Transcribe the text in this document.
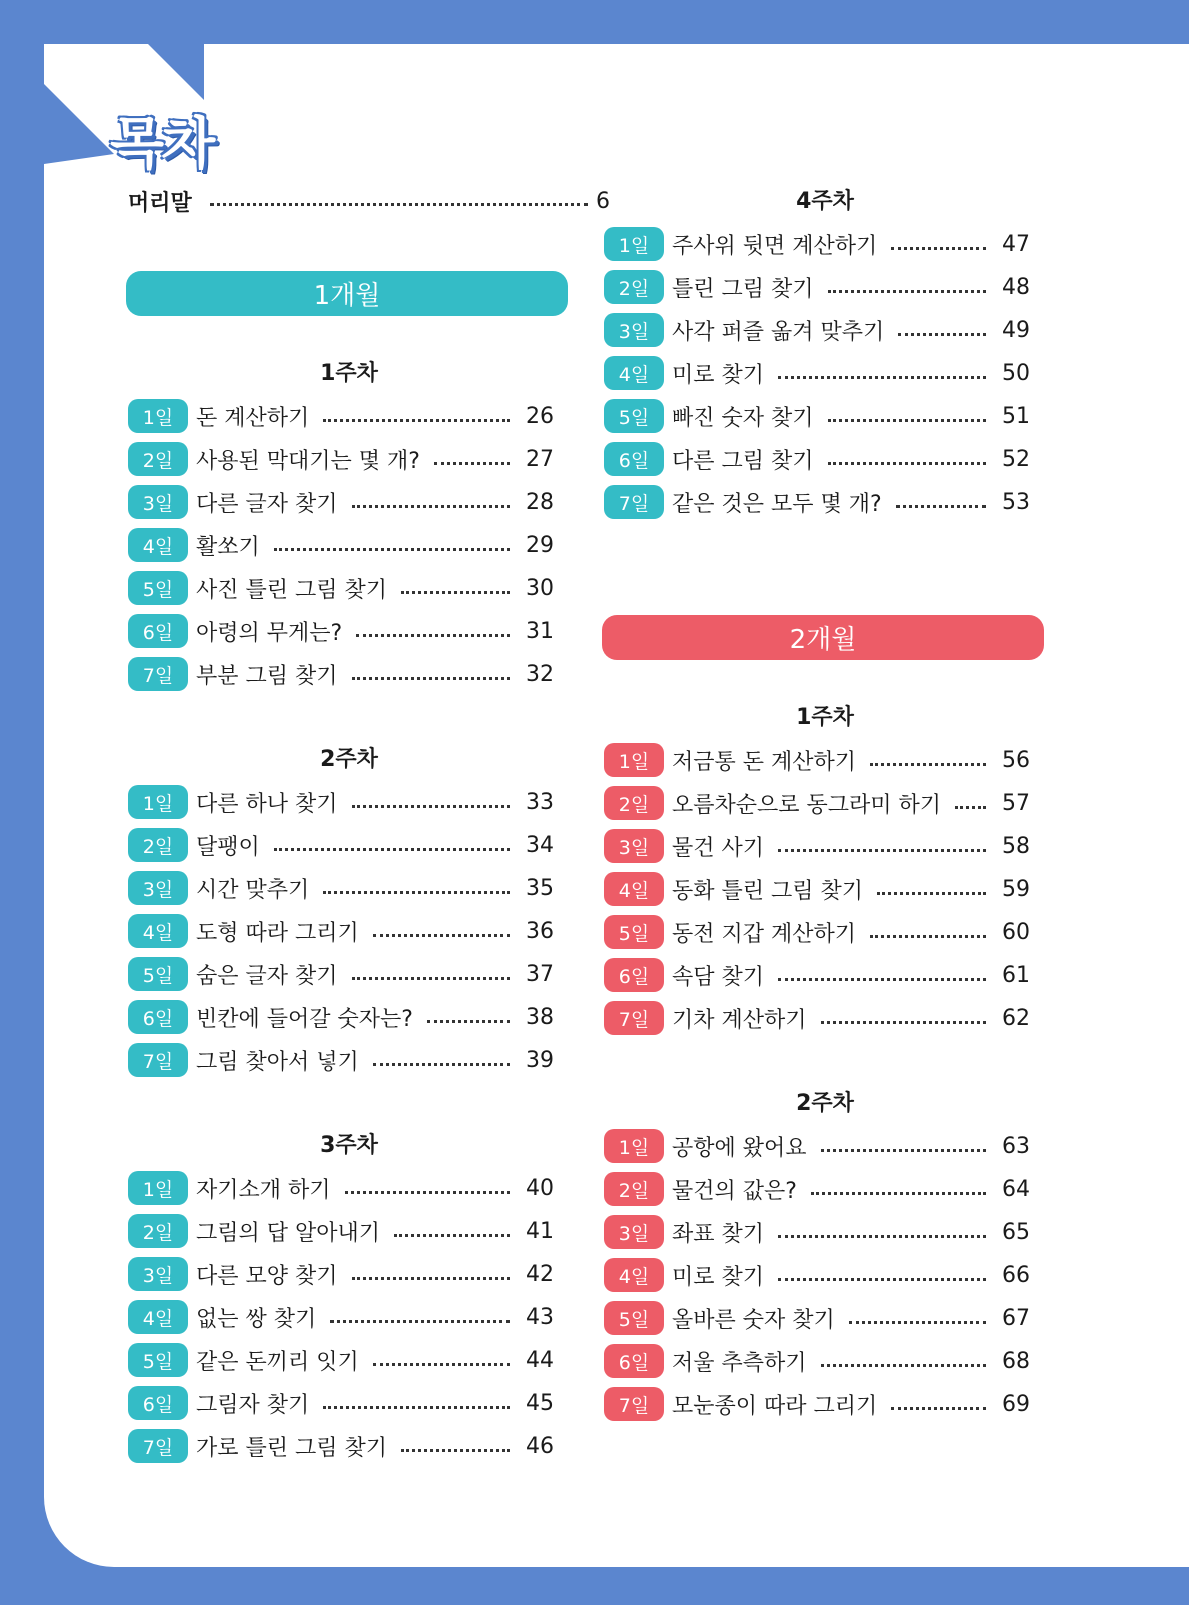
목차
머리말	6
1개월
2개월
1주차
1일	돈 계산하기	26
2일	사용된 막대기는 몇 개?	27
3일	다른 글자 찾기	28
4일	활쏘기	29
5일	사진 틀린 그림 찾기	30
6일	아령의 무게는?	31
7일	부분 그림 찾기	32
2주차
1일	다른 하나 찾기	33
2일	달팽이	34
3일	시간 맞추기	35
4일	도형 따라 그리기	36
5일	숨은 글자 찾기	37
6일	빈칸에 들어갈 숫자는?	38
7일	그림 찾아서 넣기	39
3주차
1일	자기소개 하기	40
2일	그림의 답 알아내기	41
3일	다른 모양 찾기	42
4일	없는 쌍 찾기	43
5일	같은 돈끼리 잇기	44
6일	그림자 찾기	45
7일	가로 틀린 그림 찾기	46
4주차
1일	주사위 뒷면 계산하기	47
2일	틀린 그림 찾기	48
3일	사각 퍼즐 옮겨 맞추기	49
4일	미로 찾기	50
5일	빠진 숫자 찾기	51
6일	다른 그림 찾기	52
7일	같은 것은 모두 몇 개?	53
1주차
1일	저금통 돈 계산하기	56
2일	오름차순으로 동그라미 하기	57
3일	물건 사기	58
4일	동화 틀린 그림 찾기	59
5일	동전 지갑 계산하기	60
6일	속담 찾기	61
7일	기차 계산하기	62
2주차
1일	공항에 왔어요	63
2일	물건의 값은?	64
3일	좌표 찾기	65
4일	미로 찾기	66
5일	올바른 숫자 찾기	67
6일	저울 추측하기	68
7일	모눈종이 따라 그리기	69
